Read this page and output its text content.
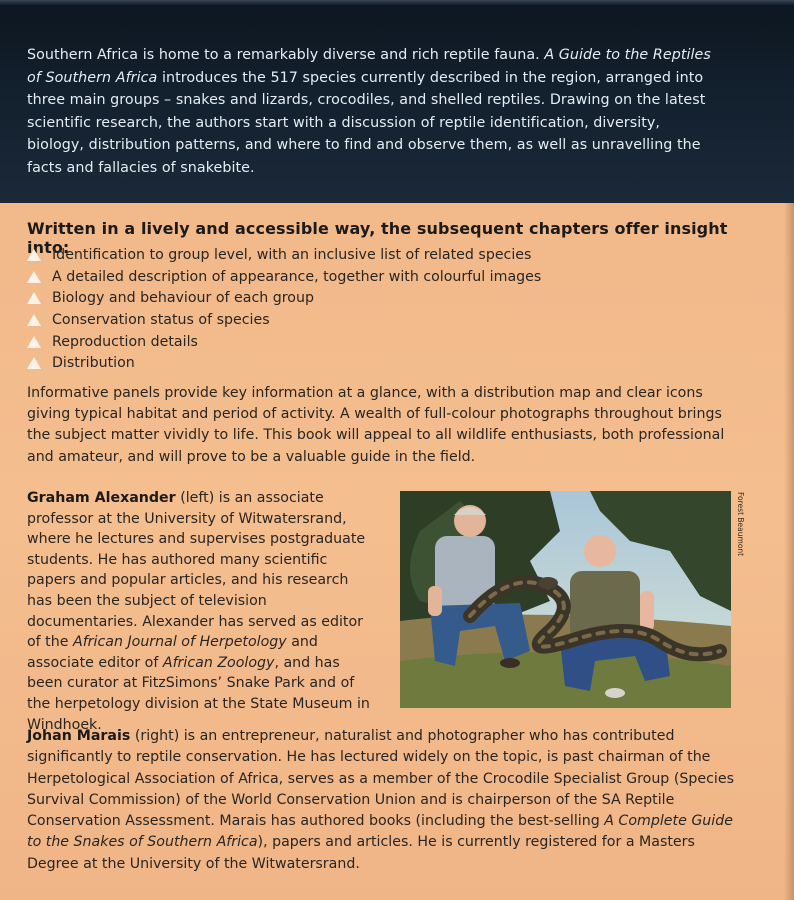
Southern Africa is home to a remarkably diverse and rich reptile fauna. A Guide to the Reptiles of Southern Africa introduces the 517 species currently described in the region, arranged into three main groups – snakes and lizards, crocodiles, and shelled reptiles. Drawing on the latest scientific research, the authors start with a discussion of reptile identification, diversity, biology, distribution patterns, and where to find and observe them, as well as unravelling the facts and fallacies of snakebite.

Written in a lively and accessible way, the subsequent chapters offer insight into:
Identification to group level, with an inclusive list of related species
A detailed description of appearance, together with colourful images
Biology and behaviour of each group
Conservation status of species
Reproduction details
Distribution

Informative panels provide key information at a glance, with a distribution map and clear icons giving typical habitat and period of activity. A wealth of full-colour photographs throughout brings the subject matter vividly to life. This book will appeal to all wildlife enthusiasts, both professional and amateur, and will prove to be a valuable guide in the field.

Graham Alexander (left) is an associate professor at the University of Witwatersrand, where he lectures and supervises postgraduate students. He has authored many scientific papers and popular articles, and his research has been the subject of television documentaries. Alexander has served as editor of the African Journal of Herpetology and associate editor of African Zoology, and has been curator at FitzSimons’ Snake Park and of the herpetology division at the State Museum in Windhoek.

Forest Beaumont

Johan Marais (right) is an entrepreneur, naturalist and photographer who has contributed significantly to reptile conservation. He has lectured widely on the topic, is past chairman of the Herpetological Association of Africa, serves as a member of the Crocodile Specialist Group (Species Survival Commission) of the World Conservation Union and is chairperson of the SA Reptile Conservation Assessment. Marais has authored books (including the best-selling A Complete Guide to the Snakes of Southern Africa), papers and articles. He is currently registered for a Masters Degree at the University of the Witwatersrand.
